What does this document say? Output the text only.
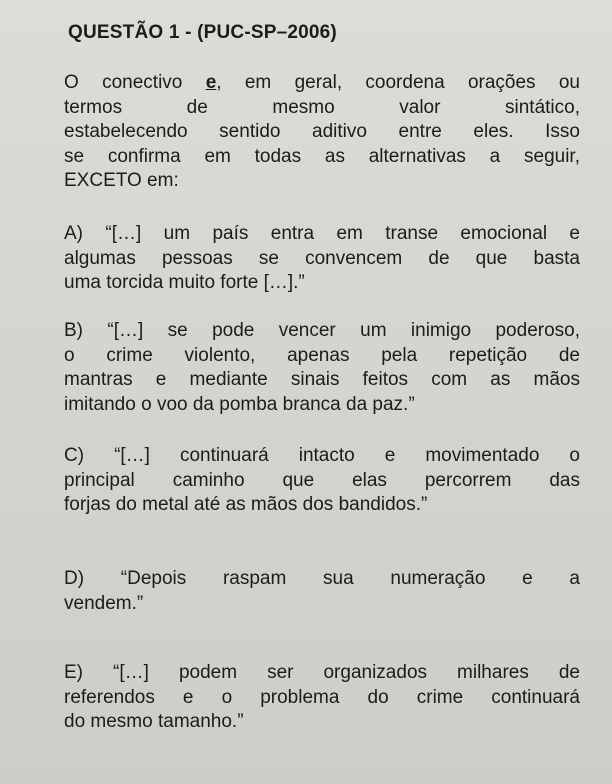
QUESTÃO 1 - (PUC-SP–2006)
O conectivo e, em geral, coordena orações ou
termos de mesmo valor sintático,
estabelecendo sentido aditivo entre eles. Isso
se confirma em todas as alternativas a seguir,
EXCETO em:
A) “[…] um país entra em transe emocional e
algumas pessoas se convencem de que basta
uma torcida muito forte […].”
B) “[…] se pode vencer um inimigo poderoso,
o crime violento, apenas pela repetição de
mantras e mediante sinais feitos com as mãos
imitando o voo da pomba branca da paz.”
C) “[…] continuará intacto e movimentado o
principal caminho que elas percorrem das
forjas do metal até as mãos dos bandidos.”
D) “Depois raspam sua numeração e a
vendem.”
E) “[…] podem ser organizados milhares de
referendos e o problema do crime continuará
do mesmo tamanho.”
